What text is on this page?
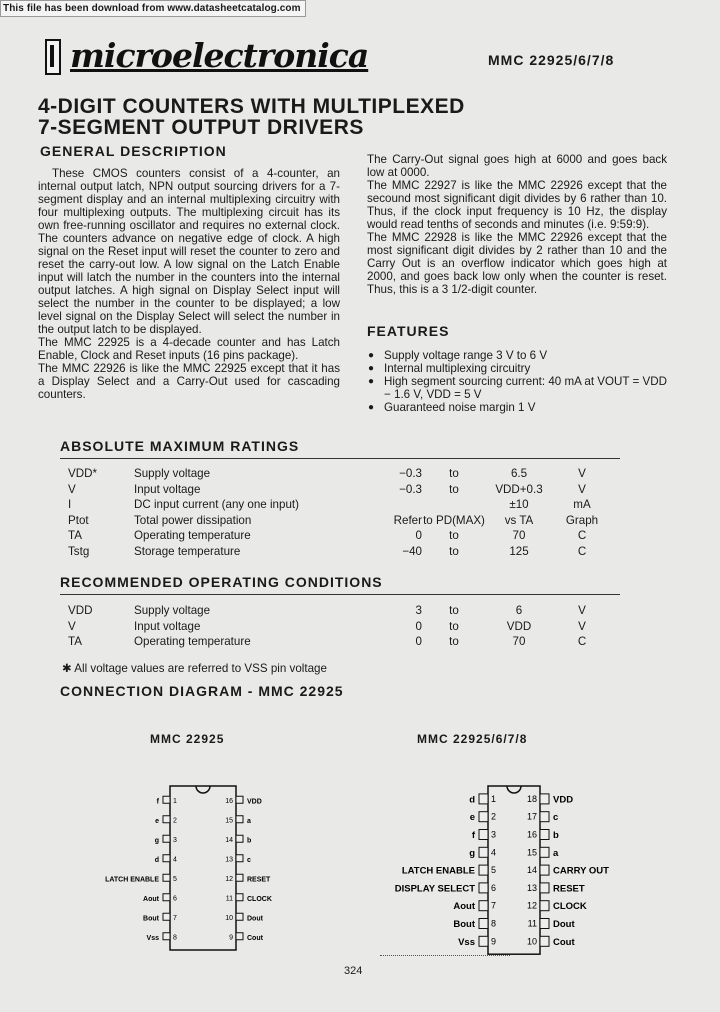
This file has been download from www.datasheetcatalog.com
microelectronica	MMC 22925/6/7/8
4-DIGIT COUNTERS WITH MULTIPLEXED
7-SEGMENT OUTPUT DRIVERS
GENERAL DESCRIPTION

These CMOS counters consist of a 4-counter, an internal output latch, NPN output sourcing drivers for a 7-segment display and an internal multiplexing circuitry with four multiplexing outputs. The multiplexing circuit has its own free-running oscillator and requires no external clock. The counters advance on negative edge of clock. A high signal on the Reset input will reset the counter to zero and reset the carry-out low. A low signal on the Latch Enable input will latch the number in the counters into the internal output latches. A high signal on Display Select input will select the number in the counter to be displayed; a low level signal on the Display Select will select the number in the output latch to be displayed.

The MMC 22925 is a 4-decade counter and has Latch Enable, Clock and Reset inputs (16 pins package).

The MMC 22926 is like the MMC 22925 except that it has a Display Select and a Carry-Out used for cascading counters.

The Carry-Out signal goes high at 6000 and goes back low at 0000.

The MMC 22927 is like the MMC 22926 except that the secound most significant digit divides by 6 rather than 10. Thus, if the clock input frequency is 10 Hz, the display would read tenths of seconds and minutes (i.e. 9:59:9).

The MMC 22928 is like the MMC 22926 except that the most significant digit divides by 2 rather than 10 and the Carry Out is an overflow indicator which goes high at 2000, and goes back low only when the counter is reset. Thus, this is a 3 1/2-digit counter.

FEATURES
● Supply voltage range 3 V to 6 V
● Internal multiplexing circuitry
● High segment sourcing current: 40 mA at VOUT = VDD − 1.6 V, VDD = 5 V
● Guaranteed noise margin 1 V
ABSOLUTE MAXIMUM RATINGS
VDD*	Supply voltage	−0.3	to	6.5	V
V	Input voltage	−0.3	to	VDD+0.3	V
I	DC input current (any one input)			±10	mA
Ptot	Total power dissipation	Refer	to PD(MAX)	vs TA	Graph
TA	Operating temperature	0	to	70	C
Tstg	Storage temperature	−40	to	125	C
RECOMMENDED OPERATING CONDITIONS
VDD	Supply voltage	3	to	6	V
V	Input voltage	0	to	VDD	V
TA	Operating temperature	0	to	70	C
✱ All voltage values are referred to VSS pin voltage
CONNECTION DIAGRAM - MMC 22925
MMC 22925	MMC 22925/6/7/8
1
f	16 VDD
2
e	15 a
3
g	14 b
4
d	13 c
5
LATCH ENABLE	12 RESET
6
Aout	11 CLOCK
7
Bout	10 Dout
8
Vss	9 Cout
1
d	18 VDD
2
e	17 c
3
f	16 b
4
g	15 a
5
LATCH ENABLE	14 CARRY OUT
6
DISPLAY SELECT	13 RESET
7
Aout	12 CLOCK
8
Bout	11 Dout
9
Vss	10 Cout
324
